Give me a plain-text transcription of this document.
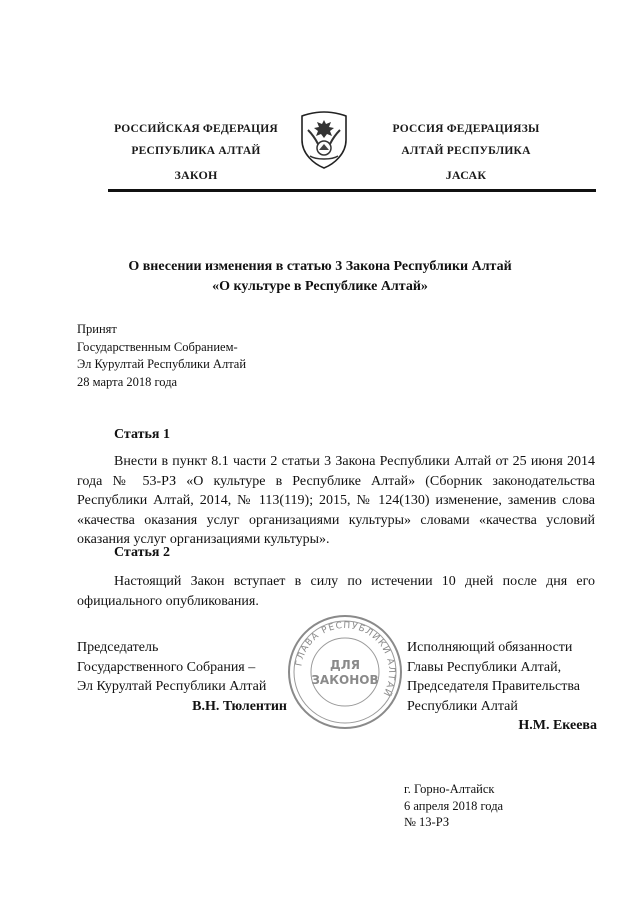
РОССИЙСКАЯ ФЕДЕРАЦИЯ
РЕСПУБЛИКА АЛТАЙ
ЗАКОН
РОССИЯ ФЕДЕРАЦИЯЗЫ
АЛТАЙ РЕСПУБЛИКА
JАСАК
О внесении изменения в статью 3 Закона Республики Алтай
«О культуре в Республике Алтай»
Принят
Государственным Собранием-
Эл Курултай Республики Алтай
28 марта 2018 года
Статья 1
Внести в пункт 8.1 части 2 статьи 3 Закона Республики Алтай от 25 июня 2014 года № 53-РЗ «О культуре в Республике Алтай» (Сборник законодательства Республики Алтай, 2014, № 113(119); 2015, № 124(130) изменение, заменив слова «качества оказания услуг организациями культуры» словами «качества условий оказания услуг организациями культуры».
Статья 2
Настоящий Закон вступает в силу по истечении 10 дней после дня его официального опубликования.
Председатель
Государственного Собрания –
Эл Курултай Республики Алтай
В.Н. Тюлентин
ГЛАВА РЕСПУБЛИКИ АЛТАЙ
ДЛЯ
ЗАКОНОВ
Исполняющий обязанности
Главы Республики Алтай,
Председателя Правительства
Республики Алтай
Н.М. Екеева
г. Горно-Алтайск
6 апреля 2018 года
№ 13-РЗ
